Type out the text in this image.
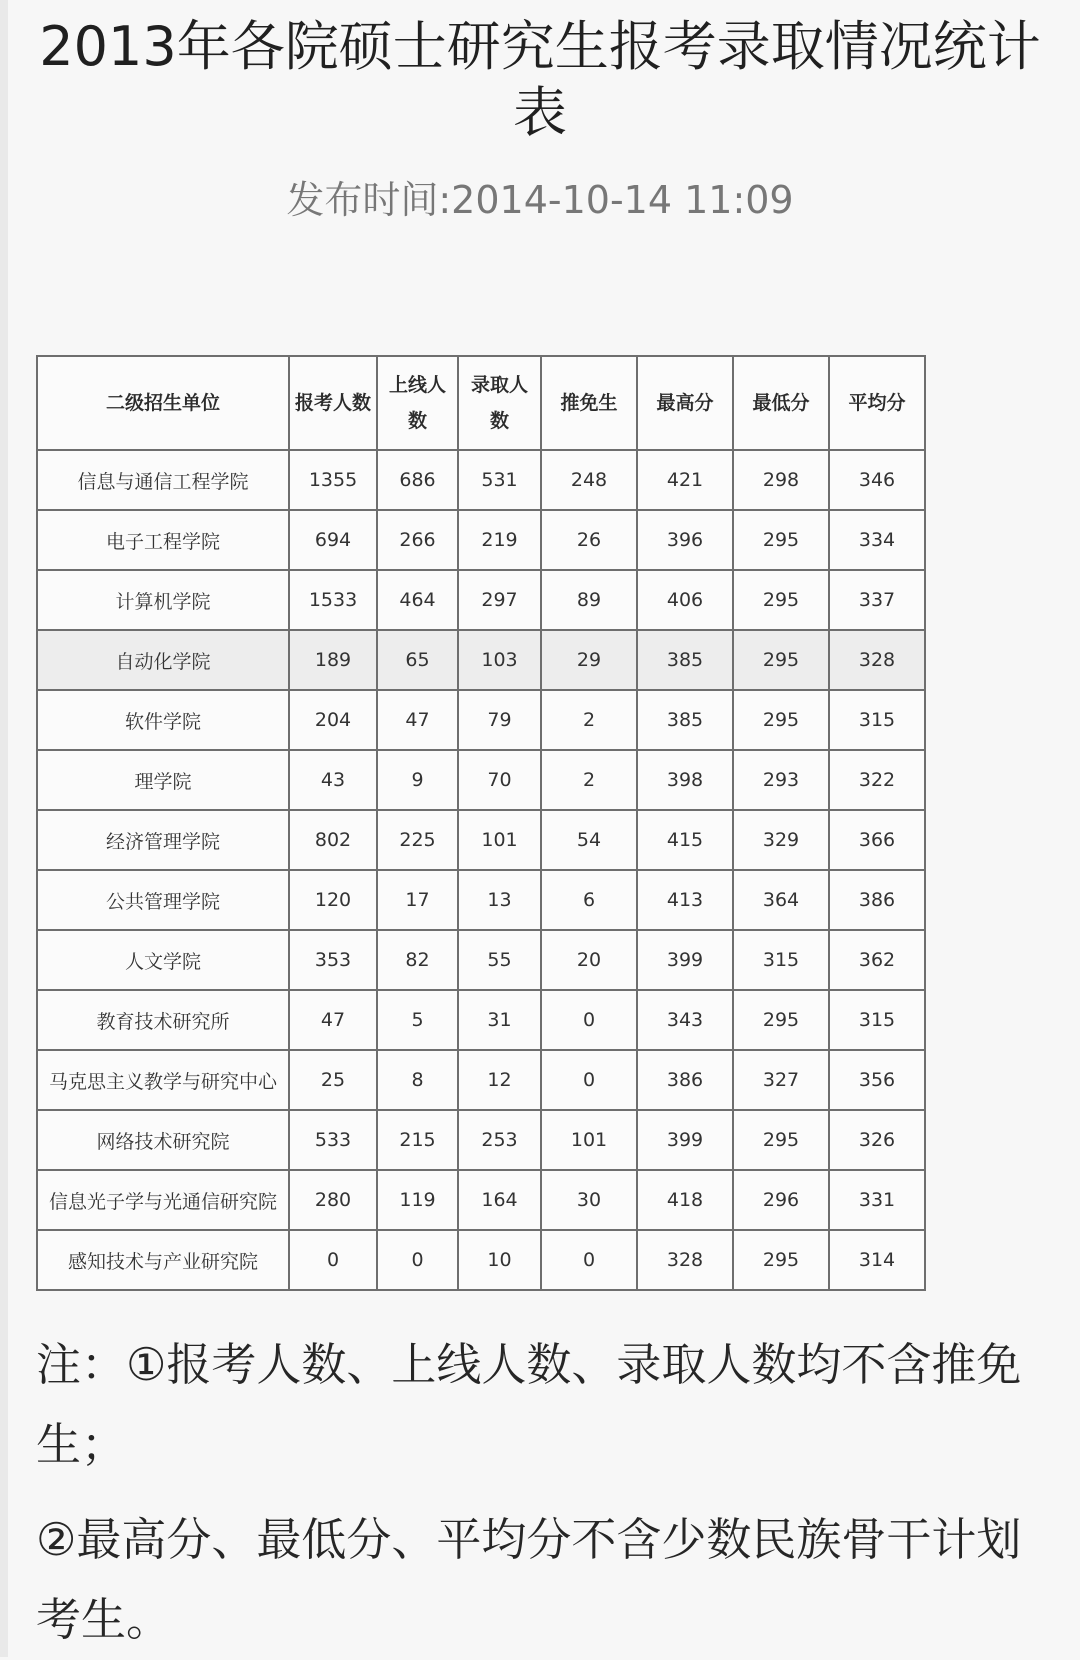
2013年各院硕士研究生报考录取情况统计表
发布时间:2014-10-14 11:09
二级招生单位	报考人数	上线人数	录取人数	推免生	最高分	最低分	平均分
信息与通信工程学院	1355	686	531	248	421	298	346
电子工程学院	694	266	219	26	396	295	334
计算机学院	1533	464	297	89	406	295	337
自动化学院	189	65	103	29	385	295	328
软件学院	204	47	79	2	385	295	315
理学院	43	9	70	2	398	293	322
经济管理学院	802	225	101	54	415	329	366
公共管理学院	120	17	13	6	413	364	386
人文学院	353	82	55	20	399	315	362
教育技术研究所	47	5	31	0	343	295	315
马克思主义教学与研究中心	25	8	12	0	386	327	356
网络技术研究院	533	215	253	101	399	295	326
信息光子学与光通信研究院	280	119	164	30	418	296	331
感知技术与产业研究院	0	0	10	0	328	295	314
注：①报考人数、上线人数、录取人数均不含推免生；
②最高分、最低分、平均分不含少数民族骨干计划考生。
